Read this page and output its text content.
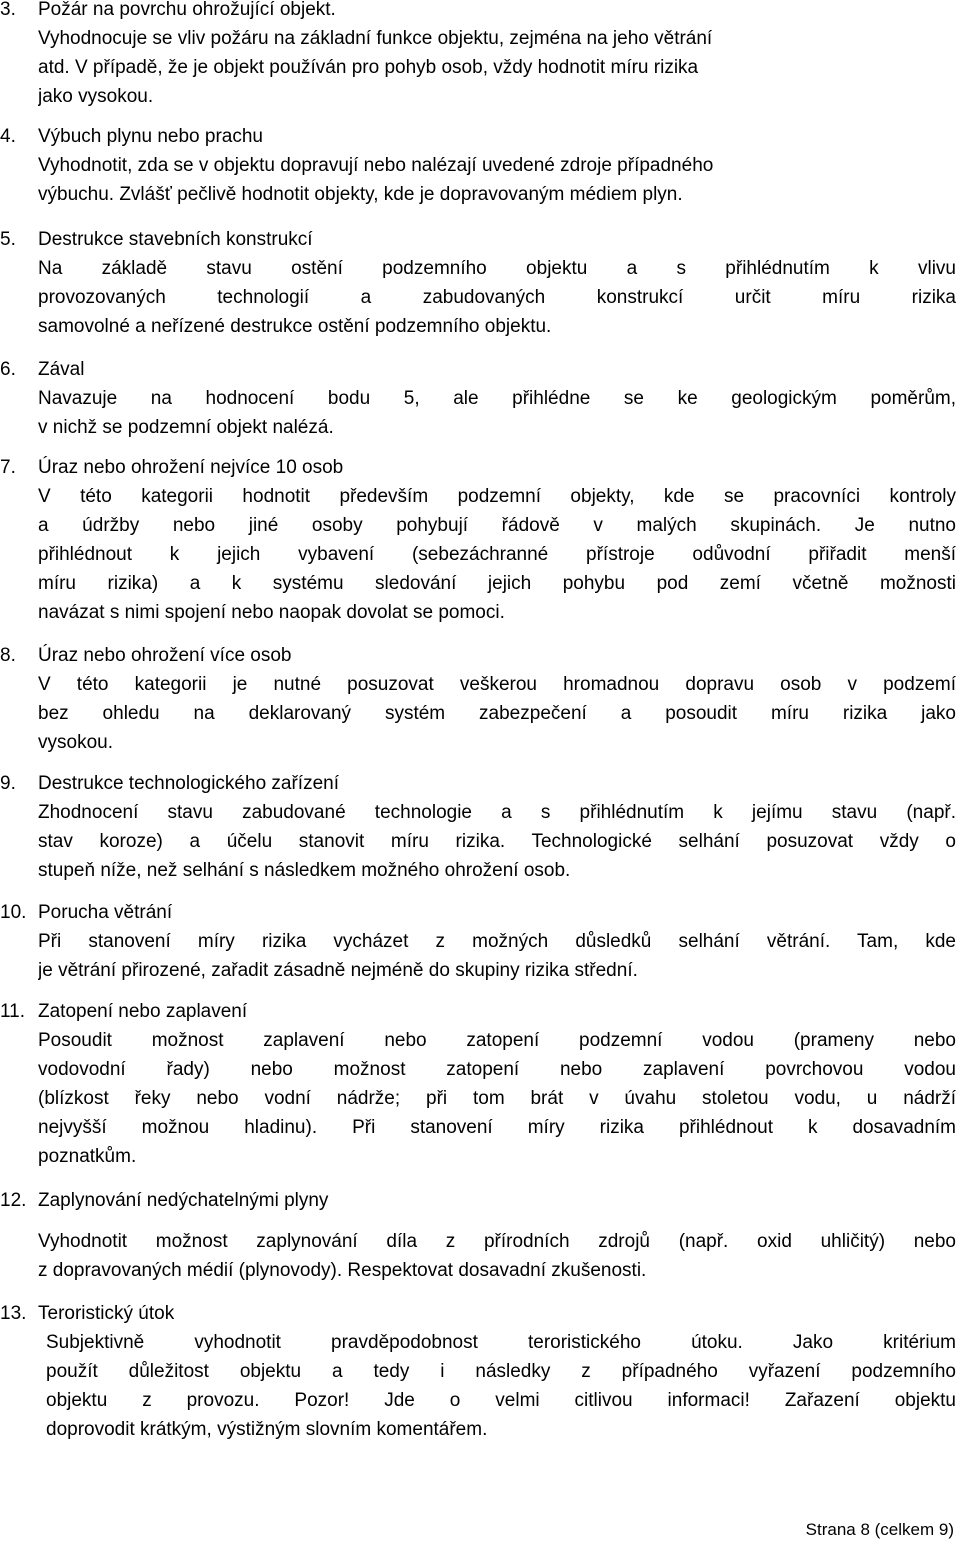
3. Požár na povrchu ohrožující objekt.
Vyhodnocuje se vliv požáru na základní funkce objektu, zejména na jeho větrání
atd. V případě, že je objekt používán pro pohyb osob, vždy hodnotit míru rizika
jako vysokou.
4. Výbuch plynu nebo prachu
Vyhodnotit, zda se v objektu dopravují nebo nalézají uvedené zdroje případného
výbuchu. Zvlášť pečlivě hodnotit objekty, kde je dopravovaným médiem plyn.
5. Destrukce stavebních konstrukcí
Na základě stavu ostění podzemního objektu a s přihlédnutím k vlivu
provozovaných technologií a zabudovaných konstrukcí určit míru rizika
samovolné a neřízené destrukce ostění podzemního objektu.
6. Zával
Navazuje na hodnocení bodu 5, ale přihlédne se ke geologickým poměrům,
v nichž se podzemní objekt nalézá.
7. Úraz nebo ohrožení nejvíce 10 osob
V této kategorii hodnotit především podzemní objekty, kde se pracovníci kontroly
a údržby nebo jiné osoby pohybují řádově v malých skupinách. Je nutno
přihlédnout k jejich vybavení (sebezáchranné přístroje odůvodní přiřadit menší
míru rizika) a k systému sledování jejich pohybu pod zemí včetně možnosti
navázat s nimi spojení nebo naopak dovolat se pomoci.
8. Úraz nebo ohrožení více osob
V této kategorii je nutné posuzovat veškerou hromadnou dopravu osob v podzemí
bez ohledu na deklarovaný systém zabezpečení a posoudit míru rizika jako
vysokou.
9. Destrukce technologického zařízení
Zhodnocení stavu zabudované technologie a s přihlédnutím k jejímu stavu (např.
stav koroze) a účelu stanovit míru rizika. Technologické selhání posuzovat vždy o
stupeň níže, než selhání s následkem možného ohrožení osob.
10. Porucha větrání
Při stanovení míry rizika vycházet z možných důsledků selhání větrání. Tam, kde
je větrání přirozené, zařadit zásadně nejméně do skupiny rizika střední.
11. Zatopení nebo zaplavení
Posoudit možnost zaplavení nebo zatopení podzemní vodou (prameny nebo
vodovodní řady) nebo možnost zatopení nebo zaplavení povrchovou vodou
(blízkost řeky nebo vodní nádrže; při tom brát v úvahu stoletou vodu, u nádrží
nejvyšší možnou hladinu). Při stanovení míry rizika přihlédnout k dosavadním
poznatkům.
12. Zaplynování nedýchatelnými plyny
Vyhodnotit možnost zaplynování díla z přírodních zdrojů (např. oxid uhličitý) nebo
z dopravovaných médií (plynovody). Respektovat dosavadní zkušenosti.
13. Teroristický útok
Subjektivně vyhodnotit pravděpodobnost teroristického útoku. Jako kritérium
použít důležitost objektu a tedy i následky z případného vyřazení podzemního
objektu z provozu. Pozor! Jde o velmi citlivou informaci! Zařazení objektu
doprovodit krátkým, výstižným slovním komentářem.
Strana 8 (celkem 9)
